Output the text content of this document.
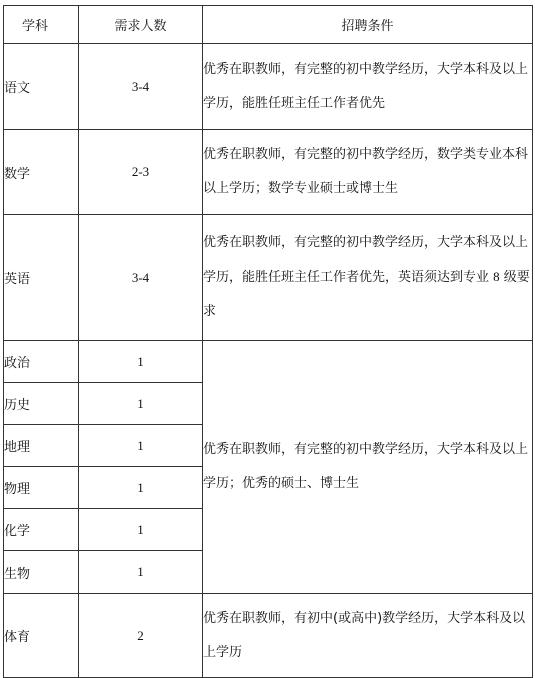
学科	需求人数	招聘条件
语文	3-4	优秀在职教师，有完整的初中教学经历，大学本科及以上学历，能胜任班主任工作者优先
数学	2-3	优秀在职教师，有完整的初中教学经历，数学类专业本科以上学历；数学专业硕士或博士生
英语	3-4	优秀在职教师，有完整的初中教学经历，大学本科及以上学历，能胜任班主任工作者优先，英语须达到专业 8 级要求
政治	1	优秀在职教师，有完整的初中教学经历，大学本科及以上学历；优秀的硕士、博士生
历史	1	
地理	1	
物理	1	
化学	1	
生物	1	
体育	2	优秀在职教师，有初中(或高中)教学经历，大学本科及以上学历
